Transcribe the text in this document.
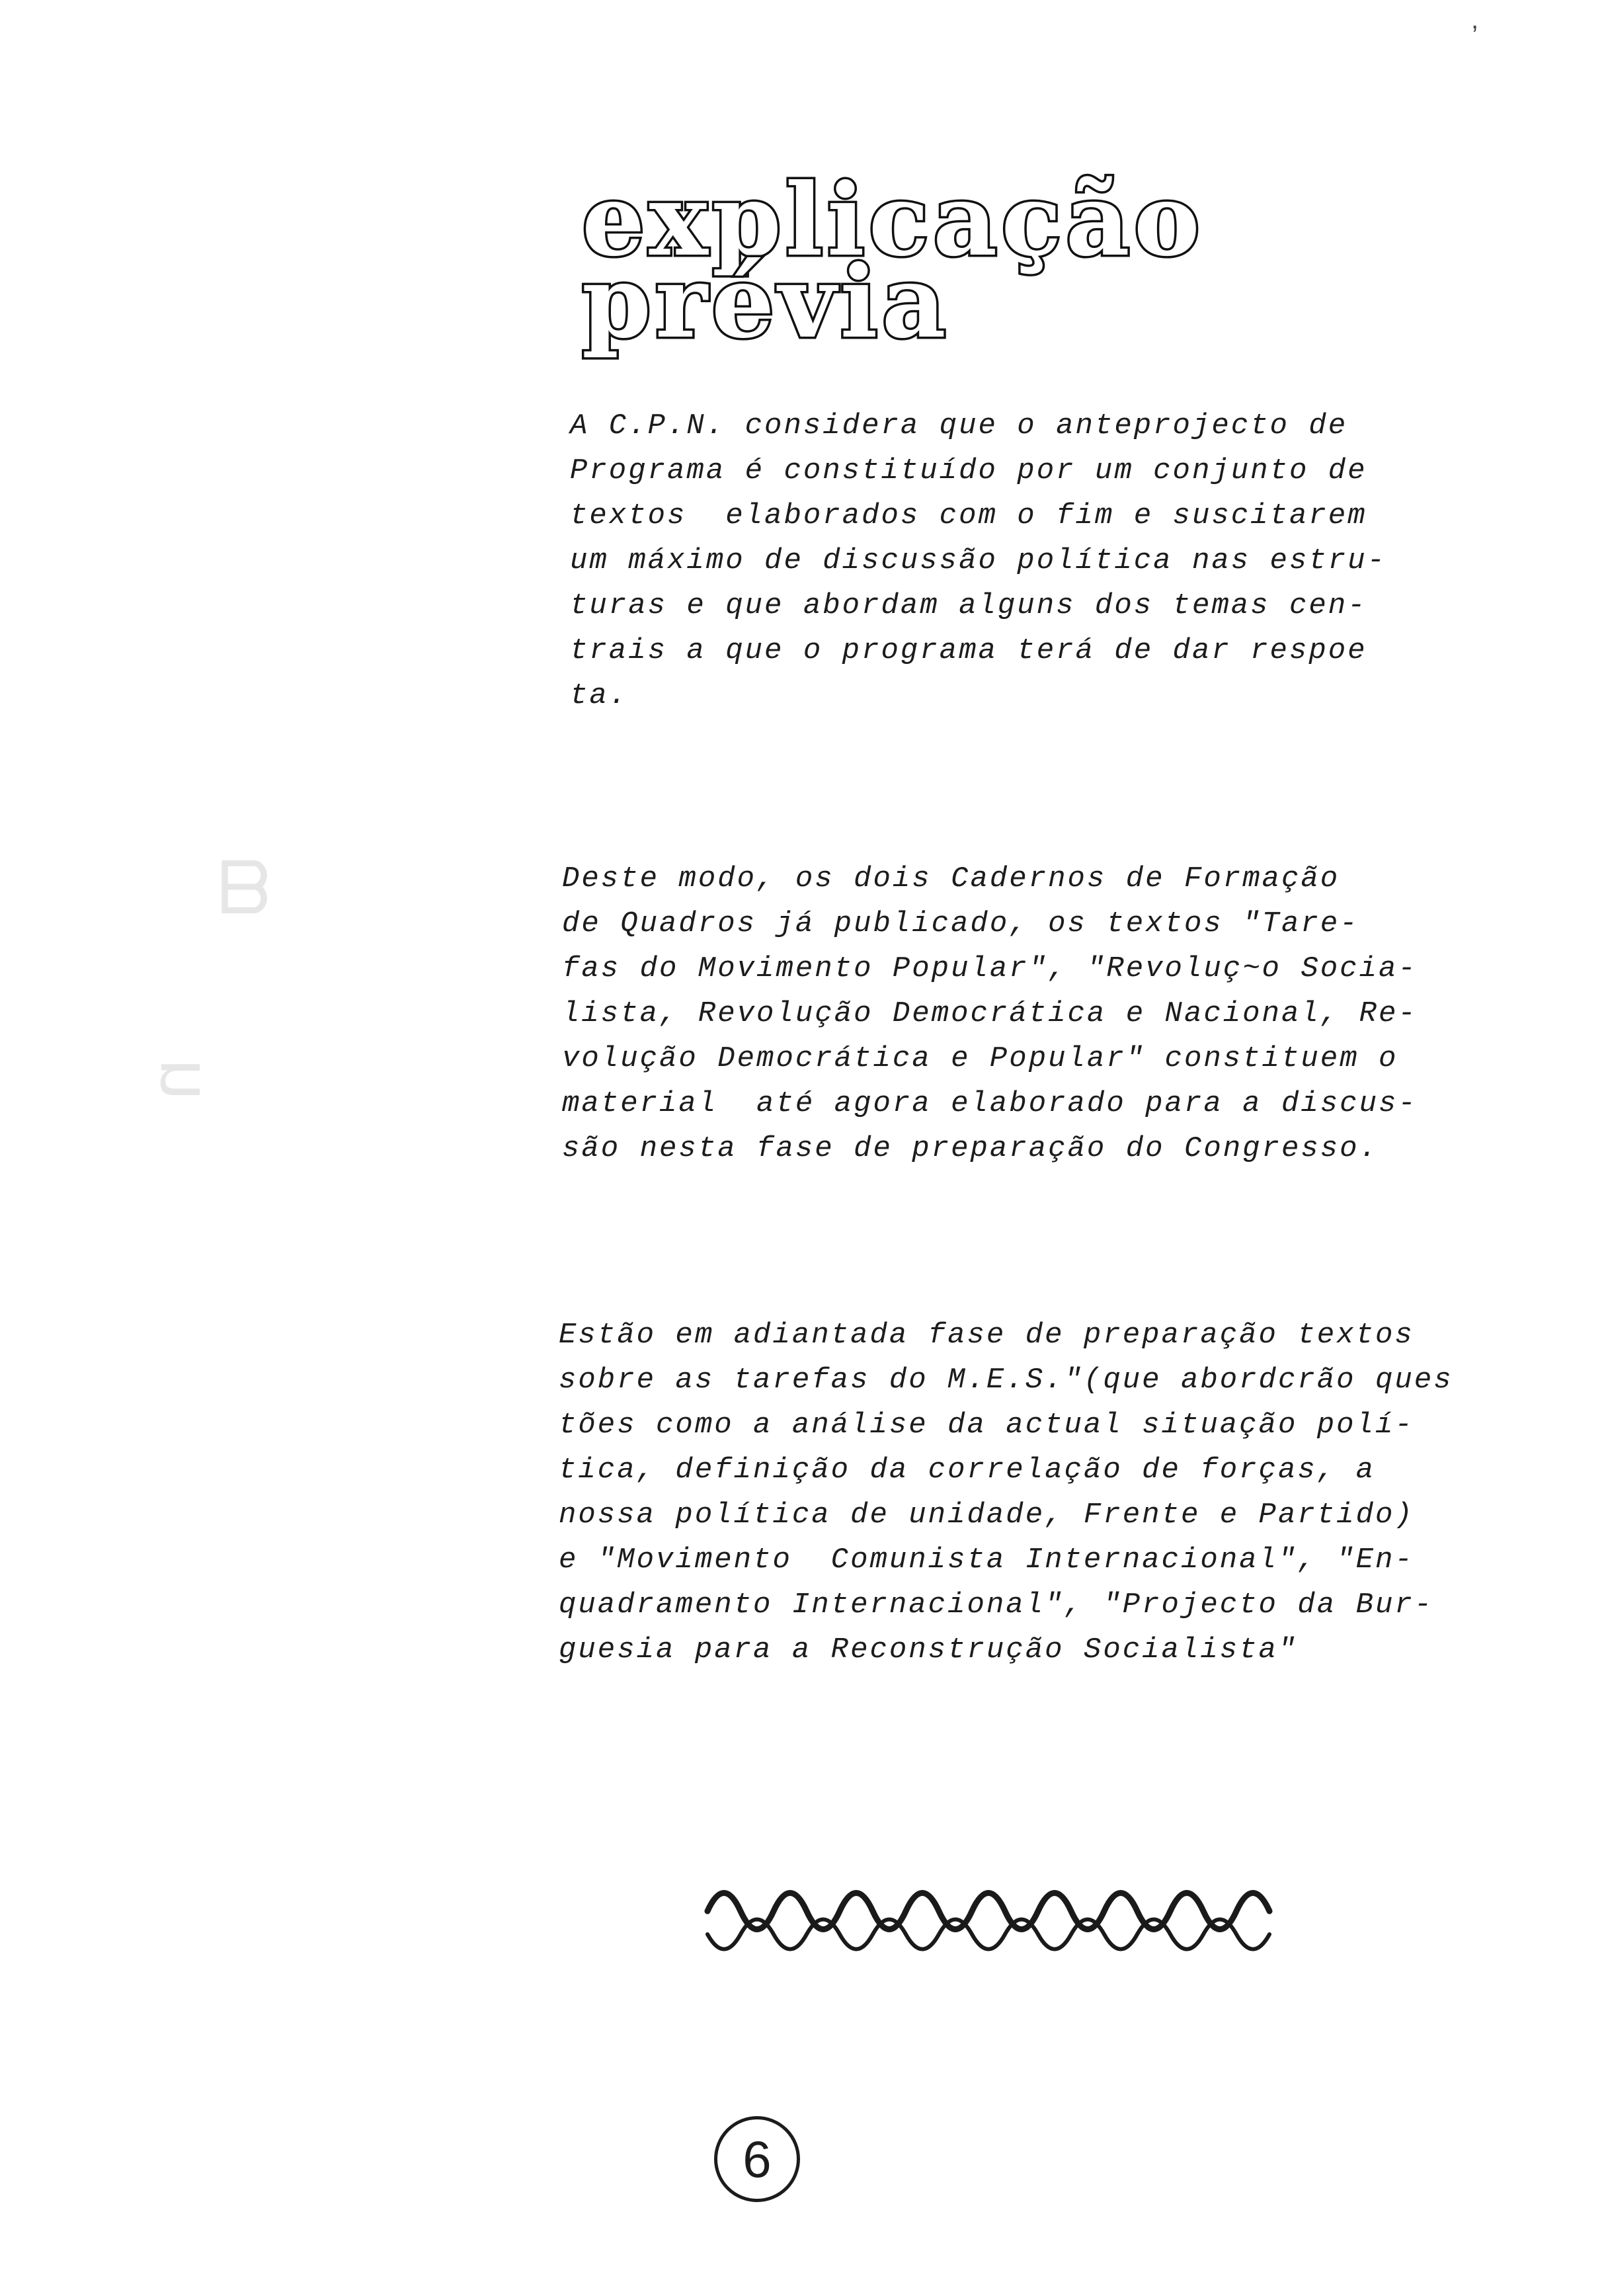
,
ᗺ
ᴝ
explicação
prévia
A C.P.N. considera que o anteprojecto de
Programa é constituído por um conjunto de
textos  elaborados com o fim e suscitarem
um máximo de discussão política nas estru-
turas e que abordam alguns dos temas cen-
trais a que o programa terá de dar respoe
ta.
Deste modo, os dois Cadernos de Formação
de Quadros já publicado, os textos "Tare-
fas do Movimento Popular", "Revoluç~o Socia-
lista, Revolução Democrática e Nacional, Re-
volução Democrática e Popular" constituem o
material  até agora elaborado para a discus-
são nesta fase de preparação do Congresso.
Estão em adiantada fase de preparação textos
sobre as tarefas do M.E.S."(que abordcrão ques
tões como a análise da actual situação polí-
tica, definição da correlação de forças, a
nossa política de unidade, Frente e Partido)
e "Movimento  Comunista Internacional", "En-
quadramento Internacional", "Projecto da Bur-
guesia para a Reconstrução Socialista"
6
